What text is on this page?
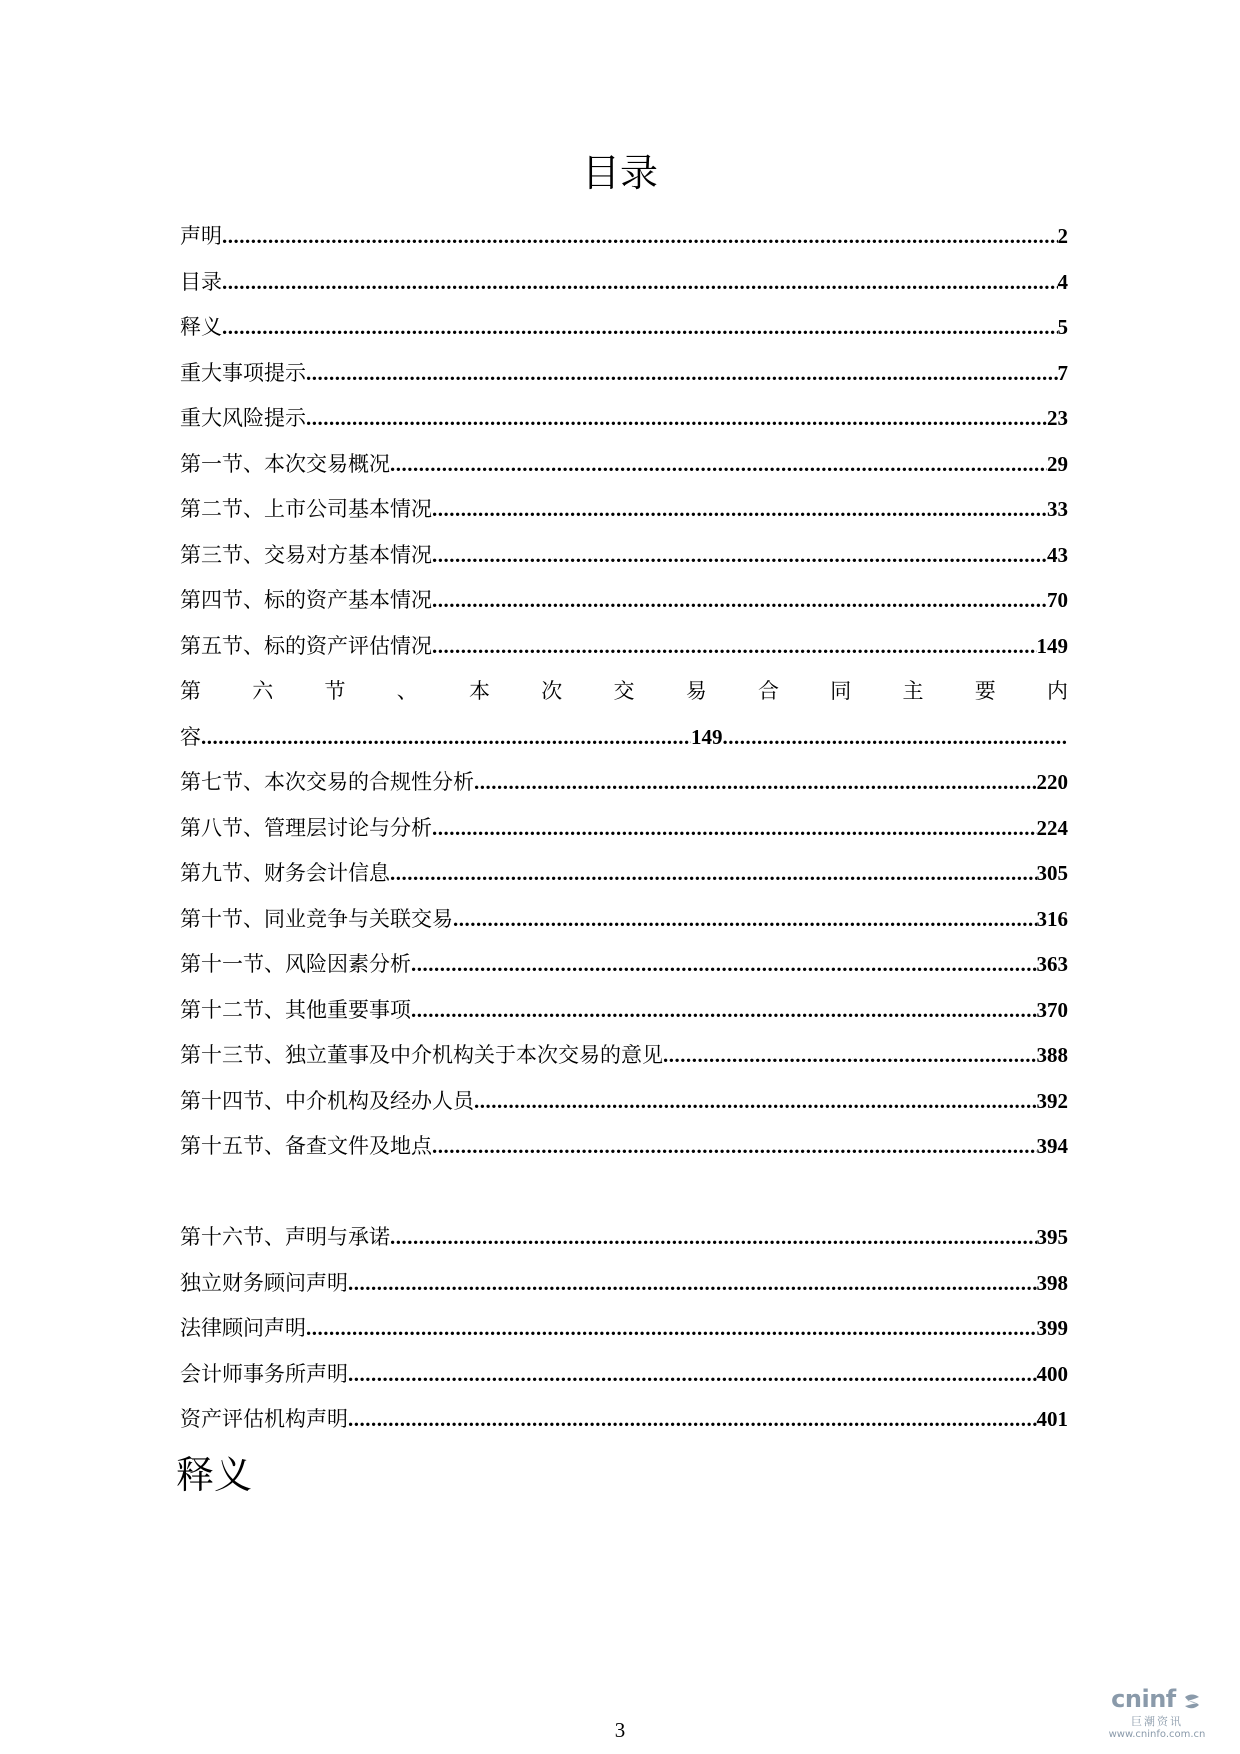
目录
声明 .....	2
目录 .....	4
释义 .....	5
重大事项提示 .....	7
重大风险提示 .....	23
第一节、本次交易概况 .....	29
第二节、上市公司基本情况 .....	33
第三节、交易对方基本情况 .....	43
第四节、标的资产基本情况 .....	70
第五节、标的资产评估情况 .....	149
第 六 节 、 本 次 交 易 合 同 主 要 内
容 .....	149
.....
第七节、本次交易的合规性分析 .....	220
第八节、管理层讨论与分析 .....	224
第九节、财务会计信息 .....	305
第十节、同业竞争与关联交易 .....	316
第十一节、风险因素分析 .....	363
第十二节、其他重要事项 .....	370
第十三节、独立董事及中介机构关于本次交易的意见 .....	388
第十四节、中介机构及经办人员 .....	392
第十五节、备查文件及地点 .....	394
第十六节、声明与承诺 .....	395
独立财务顾问声明 .....	398
法律顾问声明 .....	399
会计师事务所声明 .....	400
资产评估机构声明 .....	401
释义
3
cninf
巨潮资讯
www.cninfo.com.cn
